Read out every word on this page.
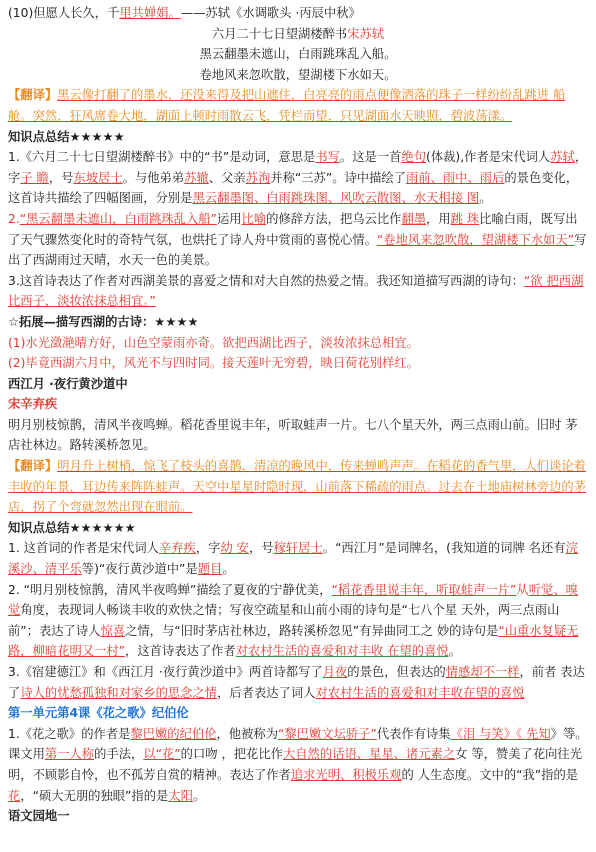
(10)但愿人长久，千里共婵娟。——苏轼《水调歌头 ·丙辰中秋》

六月二十七日望湖楼醉书宋苏轼

黑云翻墨未遮山，白雨跳珠乱入船。

卷地风来忽吹散，望湖楼下水如天。

【翻译】黑云像打翻了的墨水，还没来得及把山遮住，白亮亮的雨点便像洒落的珠子一样纷纷乱跳进 船舱。突然，狂风席卷大地，湖面上顿时雨散云飞，凭栏而望，只见湖面水天映照，碧波荡漾。

知识点总结★★★★★

1.《六月二十七日望湖楼醉书》中的“书”是动词，意思是书写。这是一首绝句(体裁),作者是宋代词人苏轼，字子 瞻，号东坡居士。与他弟弟苏辙、父亲苏洵并称“三苏”。诗中描绘了雨前、雨中、雨后的景色变化，这首诗共描绘了四幅图画，分别是黑云翻墨图、白雨跳珠图、风吹云散图、水天相接 图。

2.“黑云翻墨未遮山，白雨跳珠乱入船”运用比喻的修辞方法，把乌云比作翻墨，用跳 珠比喻白雨，既写出了天气骤然变化时的奇特气氛，也烘托了诗人舟中赏雨的喜悦心情。“卷地风来忽吹散，望湖楼下水如天”写出了西湖雨过天晴，水天一色的美景。

3.这首诗表达了作者对西湖美景的喜爱之情和对大自然的热爱之情。我还知道描写西湖的诗句：“欲 把西湖比西子，淡妆浓抹总相宜。”

☆拓展—描写西湖的古诗：★★★★

(1)水光潋滟晴方好，山色空蒙雨亦奇。欲把西湖比西子，淡妆浓抹总相宜。

(2)毕竟西湖六月中，风光不与四时同。接天莲叶无穷碧，映日荷花别样红。

西江月 ·夜行黄沙道中

宋辛弃疾

明月别枝惊鹊，清风半夜鸣蝉。稻花香里说丰年，听取蛙声一片。七八个星天外，两三点雨山前。旧时 茅店社林边。路转溪桥忽见。

【翻译】明月升上树梢，惊飞了枝头的喜鹊，清凉的晚风中，传来蝉鸣声声。在稻花的香气里，人们谈论着丰收的年景，耳边传来阵阵蛙声。天空中星星时隐时现，山前落下稀疏的雨点。过去在土地庙树林旁边的茅店，拐了个弯就忽然出现在眼前。

知识点总结★★★★★★

1. 这首词的作者是宋代词人辛弃疾，字幼 安，号稼轩居士。“西江月”是词牌名，(我知道的词牌 名还有浣溪沙、清平乐等)“夜行黄沙道中”是题目。

2. “明月别枝惊鹊，清风半夜鸣蝉”描绘了夏夜的宁静优美，“稻花香里说丰年，听取蛙声一片”从听觉、嗅觉角度，表现词人畅谈丰收的欢快之情；写夜空疏星和山前小雨的诗句是“七八个星 天外，两三点雨山前”；表达了诗人惊喜之情，与“旧时茅店社林边，路转溪桥忽见”有异曲同工之 妙的诗句是“山重水复疑无路，柳暗花明又一村”，这首诗表达了作者对农村生活的喜爱和对丰收 在望的喜悦。

3.《宿建德江》和《西江月 ·夜行黄沙道中》两首诗都写了月夜的景色，但表达的情感却不一样，前者 表达了诗人的忧愁孤独和对家乡的思念之情，后者表达了词人对农村生活的喜爱和对丰收在望的喜悦

第一单元第4课《花之歌》纪伯伦

1.《花之歌》的作者是黎巴嫩的纪伯伦，他被称为“黎巴嫩文坛骄子”代表作有诗集《泪 与笑》《 先知》等。课文用第一人称的手法，以“花”的口吻 ，把花比作大自然的话语、星星、诸元素之女 等，赞美了花向往光明，不顾影自怜，也不孤芳自赏的精神。表达了作者追求光明、积极乐观的 人生态度。文中的“我”指的是花，“硕大无朋的独眼”指的是太阳。

语文园地一
